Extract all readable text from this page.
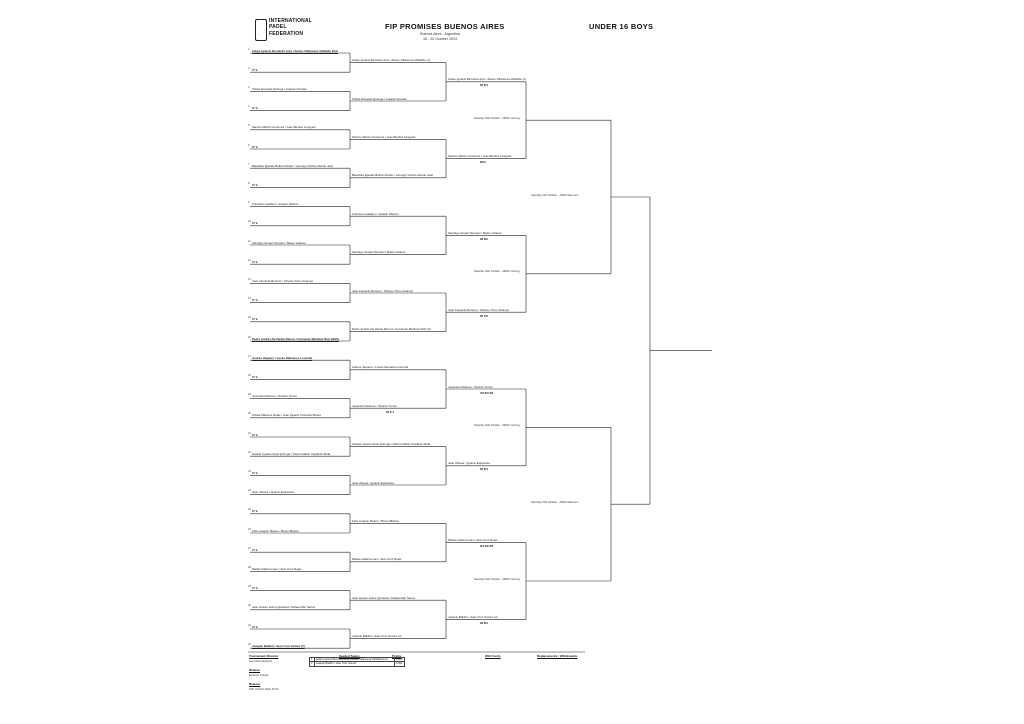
INTERNATIONAL
PADEL
FEDERATION
FIP PROMISES BUENOS AIRES
Buenos Aires - Argentina
18 - 20 October 2024
UNDER 16 BOYS
1 Felipe Ignacio Bernardo Arce / Alvaro Villanueva Villafañe Ruiz
2 BYE
3 Tobias Ezequiel Quiroga / Joaquin Rondan
4 BYE
5 Santino Martin Contreras / Juan Benitez Arreguez
6 BYE
7 Baustista Iglesias Beltran Nuñez / Amerigo Vilches Alcedo Juan
8 BYE
9 Francisco Gaaben / Joaquin Wutzen
10 BYE
11 Santiago Ismael Toresani / Mateo Velasco
12 BYE
13 Juan Facundo Romero / Octavio Tricio Ocampo
14 BYE
15 BYE
16 Pedro Andrés Da Zarate Ramos / Fernando Martinez Ruiz (Weil)
17 Andres Vaquero / Lucas Dalmasso Lorenzik
18 BYE
19 Jeremias Pacheco / Santino Torres
20 Tobias Martinez Rojas / Juan Ignacio Tiscareño Bravo
21 BYE
22 Gaspar Ignacio Sosa Quiroga / Vittorio Martin Cipolleta Tarifa
23 BYE
24 Juan Olivera / Ignacio Epanestra
25 BYE
26 Felix Joaquin Melero / Bruno Bideria
27 BYE
28 Matias Gallerovman / Juan Cruz Rojas
29 BYE
30 Juan Hussin Jaime Quintana / Rafael Aller Senes
31 BYE
32 Joaquin Baldini / Juan Cruz Gómez (2)
Felipe Ignacio Bernardo Arce / Alvaro Villanueva Villafañe (1)
Tobias Ezequiel Quiroga / Joaquin Rondan
Santino Martin Contreras / Juan Benitez Arreguez
Baustista Iglesias Beltran Nuñez / Amerigo Vilches Alcedo Juan
Francisco Gaaben / Joaquin Wutzen
Santiago Ismael Toresani / Mateo Velasco
Juan Facundo Romero / Octavio Tricio Ocampo
Pedro Andrés Da Zarate Ramos / Fernando Martinez Ruiz (3)
Andres Vaquero / Lucas Dalmasso Lorenzik
Jeremias Pacheco / Santino Torres
63 6-1
Gaspar Ignacio Sosa Quiroga / Vittorio Martin Cipolleta Tarifa
Juan Olivera / Ignacio Epanestra
Felix Joaquin Melero / Bruno Bideria
Matias Gallerovman / Juan Cruz Rojas
Juan Hussin Jaime Quintana / Rafael Aller Senes
Joaquin Baldini / Juan Cruz Gómez (2)
Felipe Ignacio Bernardo Arce / Alvaro Villanueva Villafañe (1)
63 6/4
Santino Martin Contreras / Juan Benitez Arreguez
W.O.
Santiago Ismael Toresani / Mateo Velasco
63 6/2
Juan Facundo Romero / Octavio Tricio Ocampo
63 7/6
Jeremias Pacheco / Santino Torres
7/6 6/3 6/3
Juan Olivera / Ignacio Epanestra
63 6/4
Matias Gallerovman / Juan Cruz Rojas
6/3 3/6 6/3
Joaquin Baldini / Juan Cruz Gómez (2)
63 6/4
Saturday 19th October - 09h00 morning
Saturday 19th October - 09h00 morning
Saturday 19th October - 09h00 morning
Saturday 19th October - 09h00 morning
Saturday 19th October - 15h00 afternoon
Saturday 19th October - 15h00 afternoon
Tournament Director
Ana Clara Vanacore
Referee
Emanuel Orlanta
Release
18th October 2024, 20:00
Seeded Teams	Points
1	Felipe Ignacio Bernardo Arce / Alvaro Villanueva Villafañe Ruiz	0.000
2	Joaquin Baldini / Juan Cruz Gómez	0.000
Wild Cards	Replacements / Withdrawals
